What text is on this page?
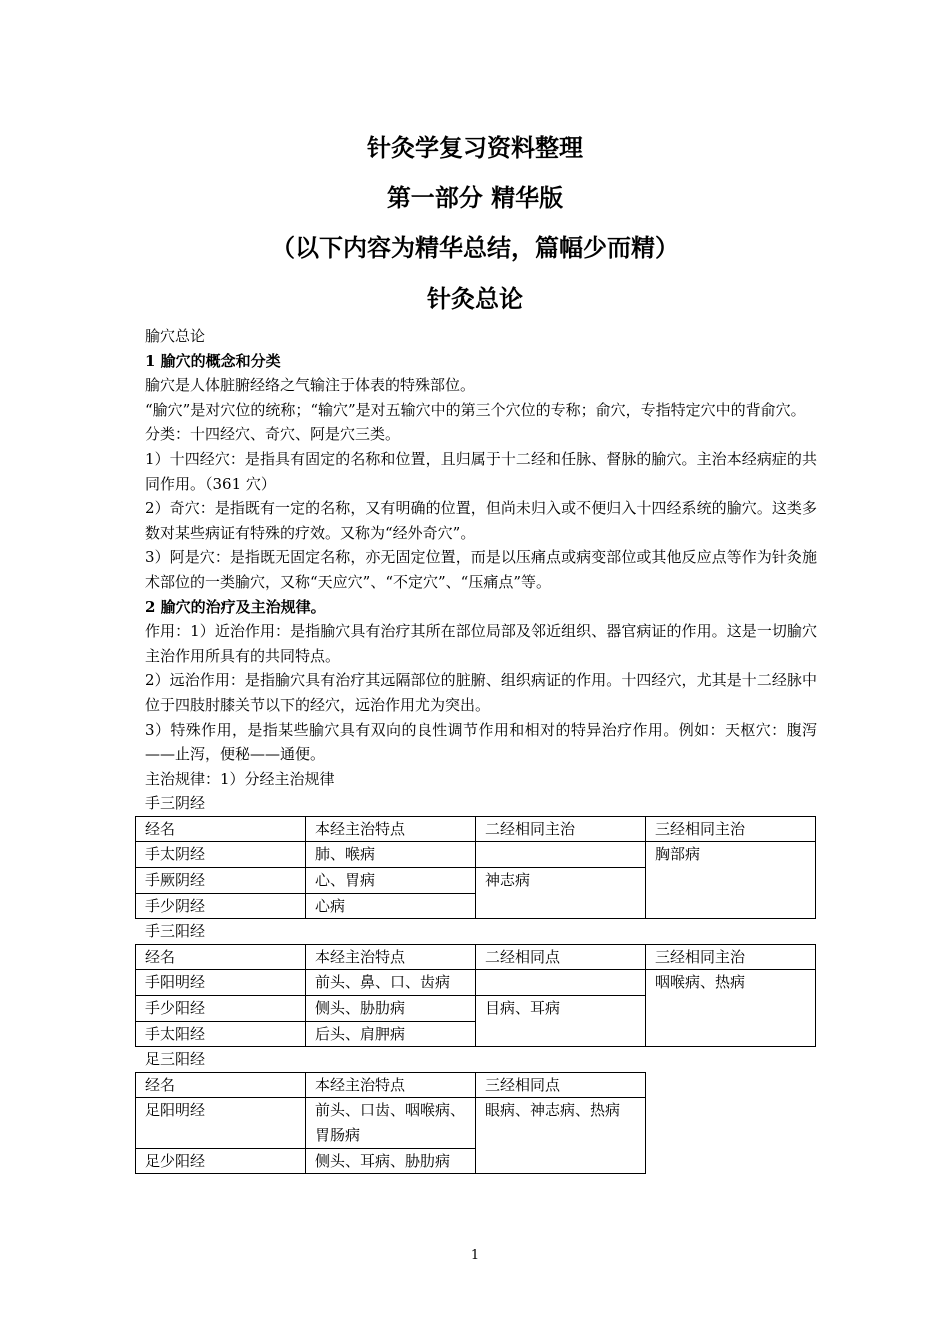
针灸学复习资料整理
第一部分 精华版
（以下内容为精华总结，篇幅少而精）
针灸总论

腧穴总论

1 腧穴的概念和分类

腧穴是人体脏腑经络之气输注于体表的特殊部位。

“腧穴”是对穴位的统称；“输穴”是对五输穴中的第三个穴位的专称；俞穴，专指特定穴中的背俞穴。

分类：十四经穴、奇穴、阿是穴三类。

1）十四经穴：是指具有固定的名称和位置，且归属于十二经和任脉、督脉的腧穴。主治本经病症的共同作用。（361 穴）

2）奇穴：是指既有一定的名称，又有明确的位置，但尚未归入或不便归入十四经系统的腧穴。这类多数对某些病证有特殊的疗效。又称为“经外奇穴”。

3）阿是穴：是指既无固定名称，亦无固定位置，而是以压痛点或病变部位或其他反应点等作为针灸施术部位的一类腧穴，又称“天应穴”、“不定穴”、“压痛点”等。

2 腧穴的治疗及主治规律。

作用：1）近治作用：是指腧穴具有治疗其所在部位局部及邻近组织、器官病证的作用。这是一切腧穴主治作用所具有的共同特点。

2）远治作用：是指腧穴具有治疗其远隔部位的脏腑、组织病证的作用。十四经穴，尤其是十二经脉中位于四肢肘膝关节以下的经穴，远治作用尤为突出。

3）特殊作用，是指某些腧穴具有双向的良性调节作用和相对的特异治疗作用。例如：天枢穴：腹泻——止泻，便秘——通便。

主治规律：1）分经主治规律

手三阴经

经名	本经主治特点	二经相同主治	三经相同主治
手太阴经	肺、喉病		胸部病
手厥阴经	心、胃病	神志病	
手少阴经	心病		

手三阳经

经名	本经主治特点	二经相同点	三经相同主治
手阳明经	前头、鼻、口、齿病		咽喉病、热病
手少阳经	侧头、胁肋病	目病、耳病	
手太阳经	后头、肩胛病		

足三阳经

经名	本经主治特点	三经相同点
足阳明经	前头、口齿、咽喉病、胃肠病	眼病、神志病、热病
足少阳经	侧头、耳病、胁肋病	
1
